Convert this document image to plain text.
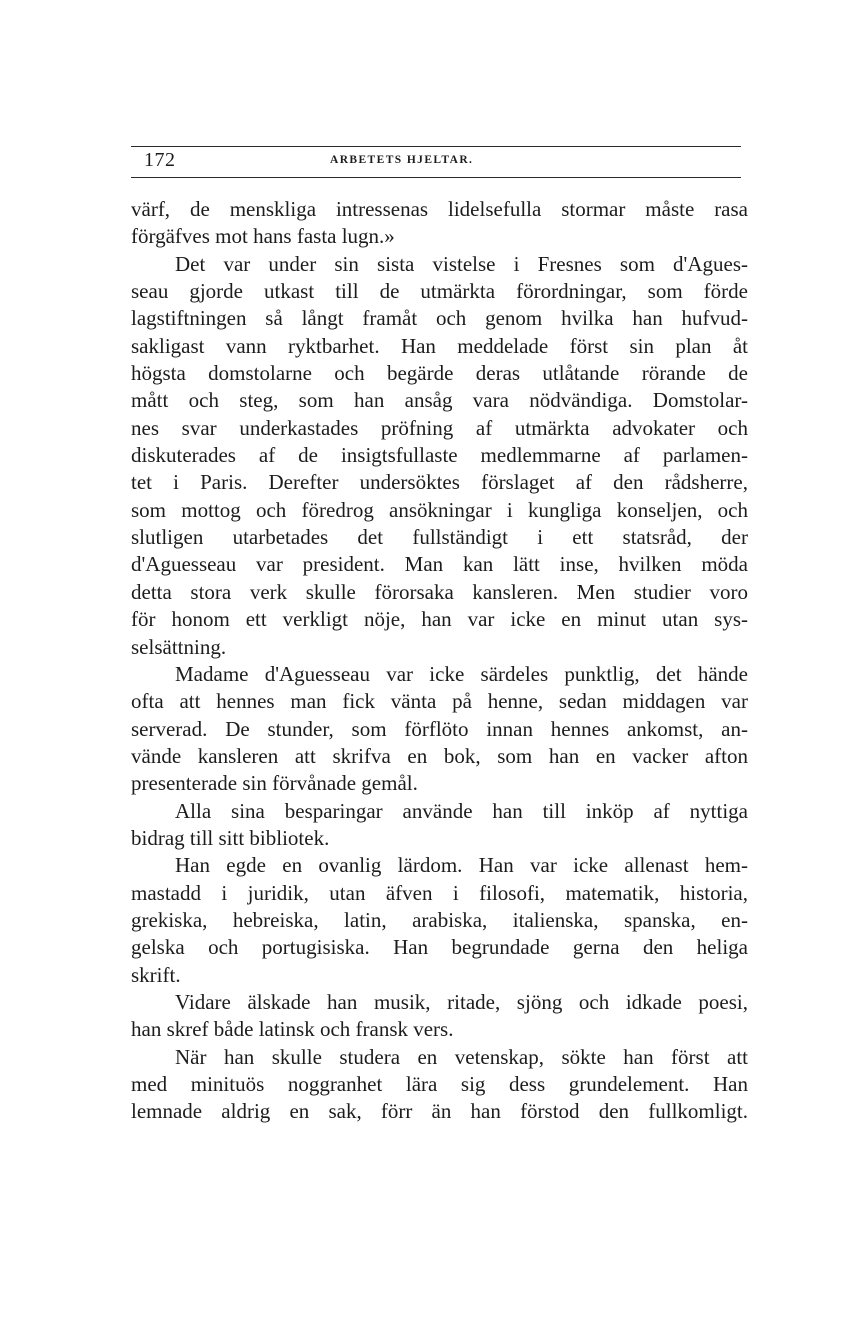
172	ARBETETS HJELTAR.

värf, de menskliga intressenas lidelsefulla stormar måste rasa
förgäfves mot hans fasta lugn.»

Det var under sin sista vistelse i Fresnes som d'Agues-
seau gjorde utkast till de utmärkta förordningar, som förde
lagstiftningen så långt framåt och genom hvilka han hufvud-
sakligast vann ryktbarhet. Han meddelade först sin plan åt
högsta domstolarne och begärde deras utlåtande rörande de
mått och steg, som han ansåg vara nödvändiga. Domstolar-
nes svar underkastades pröfning af utmärkta advokater och
diskuterades af de insigtsfullaste medlemmarne af parlamen-
tet i Paris. Derefter undersöktes förslaget af den rådsherre,
som mottog och föredrog ansökningar i kungliga konseljen, och
slutligen utarbetades det fullständigt i ett statsråd, der
d'Aguesseau var president. Man kan lätt inse, hvilken möda
detta stora verk skulle förorsaka kansleren. Men studier voro
för honom ett verkligt nöje, han var icke en minut utan sys-
selsättning.

Madame d'Aguesseau var icke särdeles punktlig, det hände
ofta att hennes man fick vänta på henne, sedan middagen var
serverad. De stunder, som förflöto innan hennes ankomst, an-
vände kansleren att skrifva en bok, som han en vacker afton
presenterade sin förvånade gemål.

Alla sina besparingar använde han till inköp af nyttiga
bidrag till sitt bibliotek.

Han egde en ovanlig lärdom. Han var icke allenast hem-
mastadd i juridik, utan äfven i filosofi, matematik, historia,
grekiska, hebreiska, latin, arabiska, italienska, spanska, en-
gelska och portugisiska. Han begrundade gerna den heliga
skrift.

Vidare älskade han musik, ritade, sjöng och idkade poesi,
han skref både latinsk och fransk vers.

När han skulle studera en vetenskap, sökte han först att
med minituös noggranhet lära sig dess grundelement. Han
lemnade aldrig en sak, förr än han förstod den fullkomligt.
